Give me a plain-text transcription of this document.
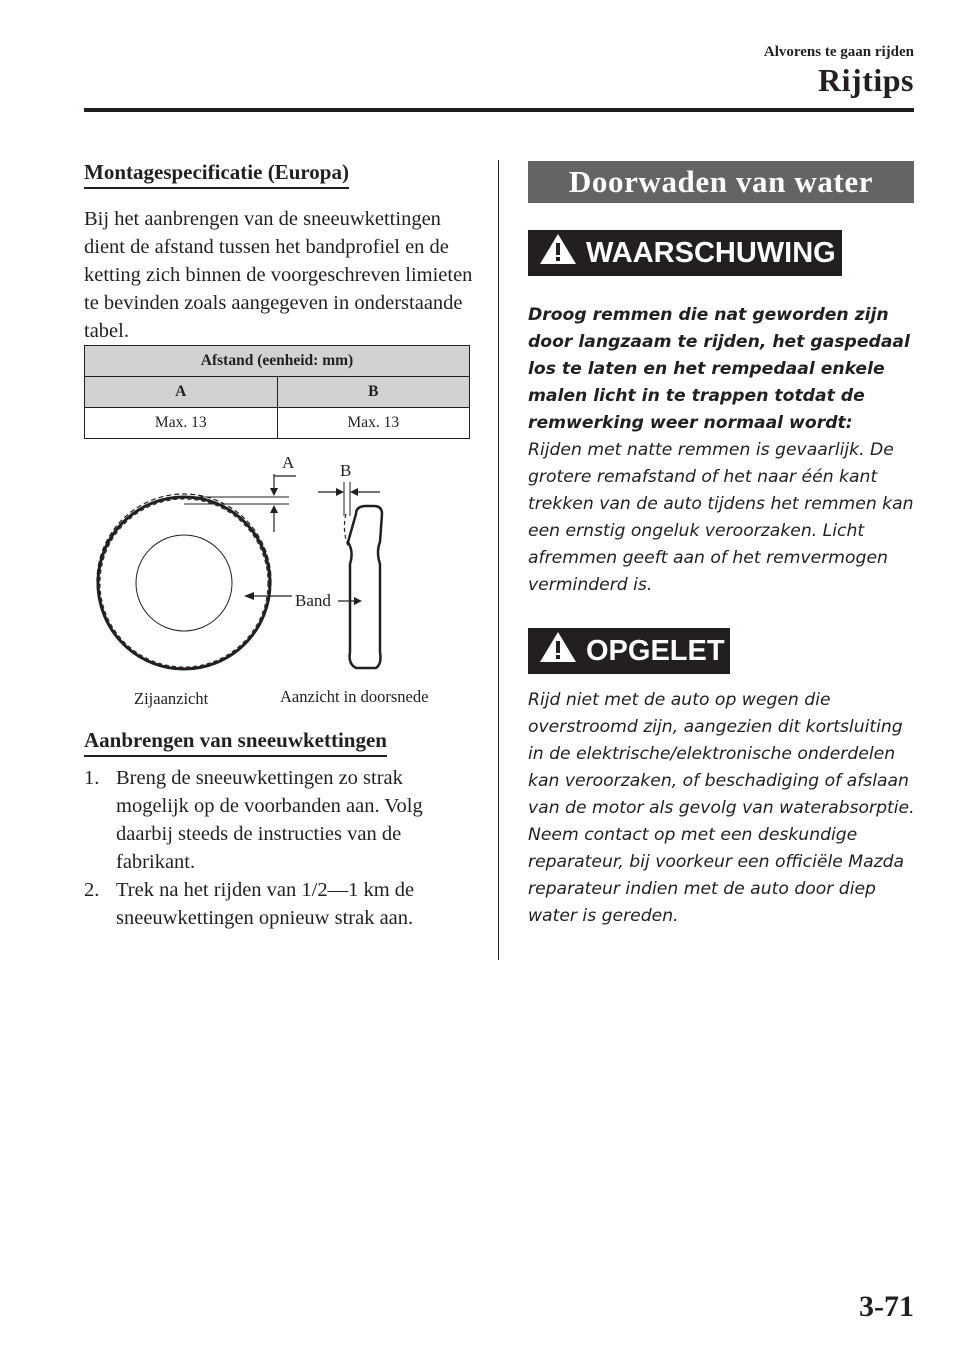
Alvorens te gaan rijden
Rijtips
Montagespecificatie (Europa)

Bij het aanbrengen van de sneeuwkettingen dient de afstand tussen het bandprofiel en de ketting zich binnen de voorgeschreven limieten te bevinden zoals aangegeven in onderstaande tabel.

Afstand (eenheid: mm)	
A	B
Max. 13	Max. 13
A	B
Band
Zijaanzicht	Aanzicht in doorsnede
Aanbrengen van sneeuwkettingen
1. Breng de sneeuwkettingen zo strak mogelijk op de voorbanden aan. Volg daarbij steeds de instructies van de fabrikant.
2. Trek na het rijden van 1/2―1 km de sneeuwkettingen opnieuw strak aan.
Doorwaden van water
WAARSCHUWING
Droog remmen die nat geworden zijn door langzaam te rijden, het gaspedaal los te laten en het rempedaal enkele malen licht in te trappen totdat de remwerking weer normaal wordt:
Rijden met natte remmen is gevaarlijk. De grotere remafstand of het naar één kant trekken van de auto tijdens het remmen kan een ernstig ongeluk veroorzaken. Licht afremmen geeft aan of het remvermogen verminderd is.
OPGELET
Rijd niet met de auto op wegen die overstroomd zijn, aangezien dit kortsluiting in de elektrische/elektronische onderdelen kan veroorzaken, of beschadiging of afslaan van de motor als gevolg van waterabsorptie. Neem contact op met een deskundige reparateur, bij voorkeur een officiële Mazda reparateur indien met de auto door diep water is gereden.
3-71
